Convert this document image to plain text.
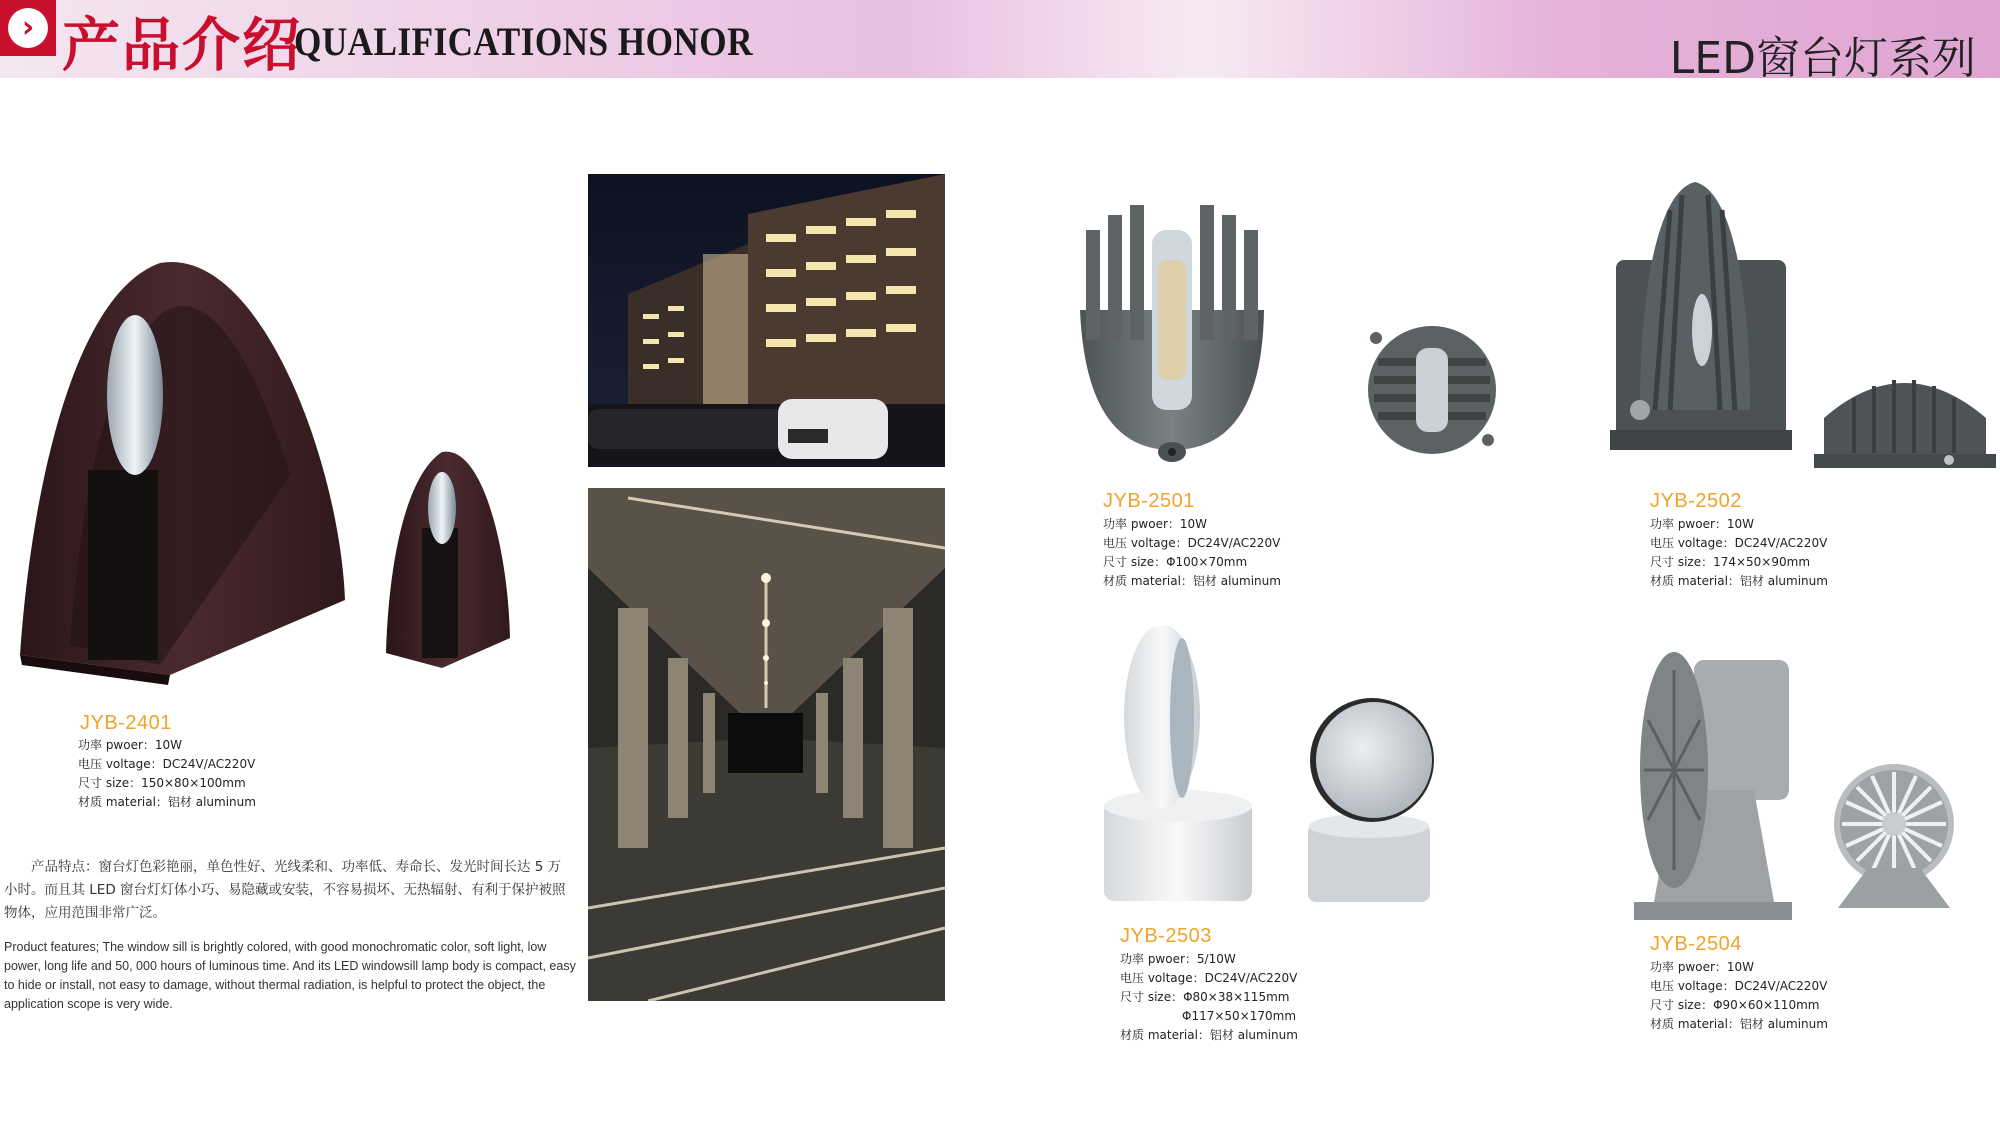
› 产品介绍
QUALIFICATIONS HONOR	LED窗台灯系列
JYB-2401
功率 pwoer：10W
电压 voltage：DC24V/AC220V
尺寸 size：150×80×100mm
材质 material：铝材 aluminum
产品特点：窗台灯色彩艳丽，单色性好、光线柔和、功率低、寿命长、发光时间长达 5 万小时。而且其 LED 窗台灯灯体小巧、易隐藏或安装，不容易损坏、无热辐射、有利于保护被照物体，应用范围非常广泛。
Product features; The window sill is brightly colored, with good monochromatic color, soft light, low power, long life and 50, 000 hours of luminous time. And its LED windowsill lamp body is compact, easy to hide or install, not easy to damage, without thermal radiation, is helpful to protect the object, the application scope is very wide.
JYB-2501
功率 pwoer：10W
电压 voltage：DC24V/AC220V
尺寸 size：Φ100×70mm
材质 material：铝材 aluminum
JYB-2502
功率 pwoer：10W
电压 voltage：DC24V/AC220V
尺寸 size：174×50×90mm
材质 material：铝材 aluminum
JYB-2503
功率 pwoer：5/10W
电压 voltage：DC24V/AC220V
尺寸 size：Φ80×38×115mm
Φ117×50×170mm
材质 material：铝材 aluminum
JYB-2504
功率 pwoer：10W
电压 voltage：DC24V/AC220V
尺寸 size：Φ90×60×110mm
材质 material：铝材 aluminum
